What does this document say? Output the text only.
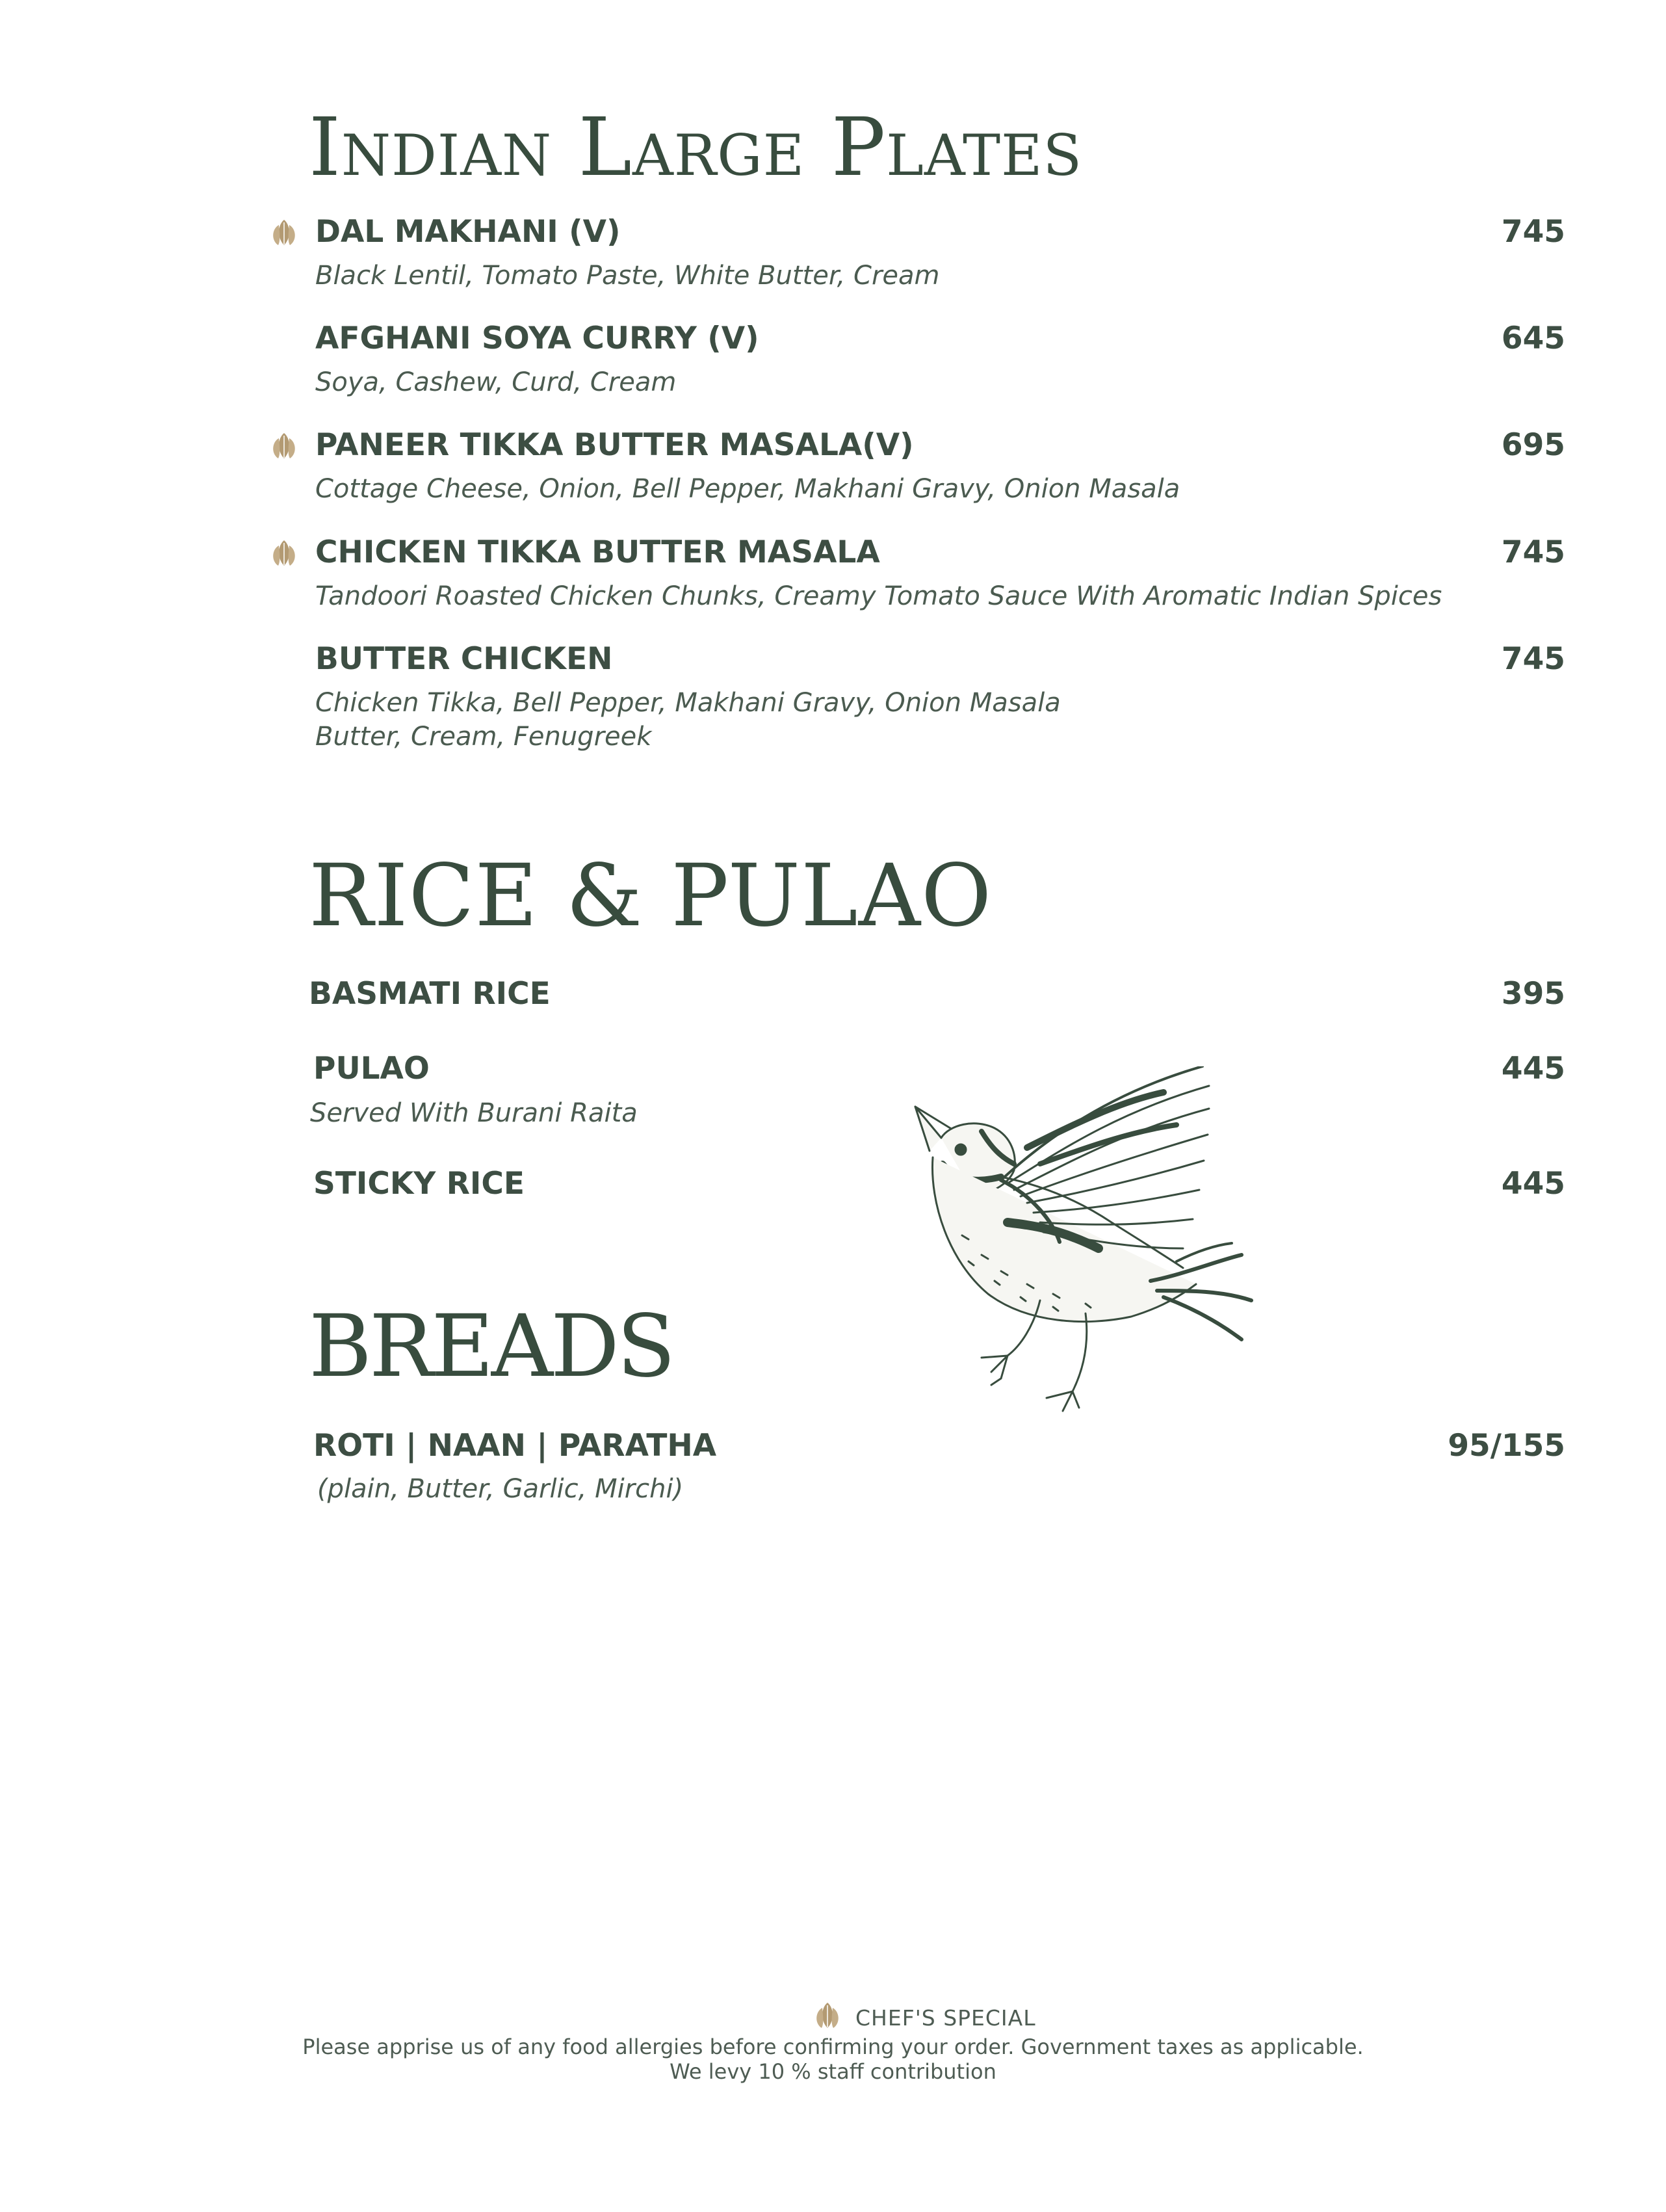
Indian Large Plates
DAL MAKHANI (V)	745
Black Lentil, Tomato Paste, White Butter, Cream
AFGHANI SOYA CURRY (V)	645
Soya, Cashew, Curd, Cream
PANEER TIKKA BUTTER MASALA(V)	695
Cottage Cheese, Onion, Bell Pepper, Makhani Gravy, Onion Masala
CHICKEN TIKKA BUTTER MASALA	745
Tandoori Roasted Chicken Chunks, Creamy Tomato Sauce With Aromatic Indian Spices
BUTTER CHICKEN	745
Chicken Tikka, Bell Pepper, Makhani Gravy, Onion Masala
Butter, Cream, Fenugreek
RICE & PULAO
BASMATI RICE	395
PULAO	445
Served With Burani Raita
STICKY RICE	445
BREADS
ROTI | NAAN | PARATHA	95/155
(plain, Butter, Garlic, Mirchi)
CHEF'S SPECIAL
Please apprise us of any food allergies before confirming your order. Government taxes as applicable.
We levy 10 % staff contribution
